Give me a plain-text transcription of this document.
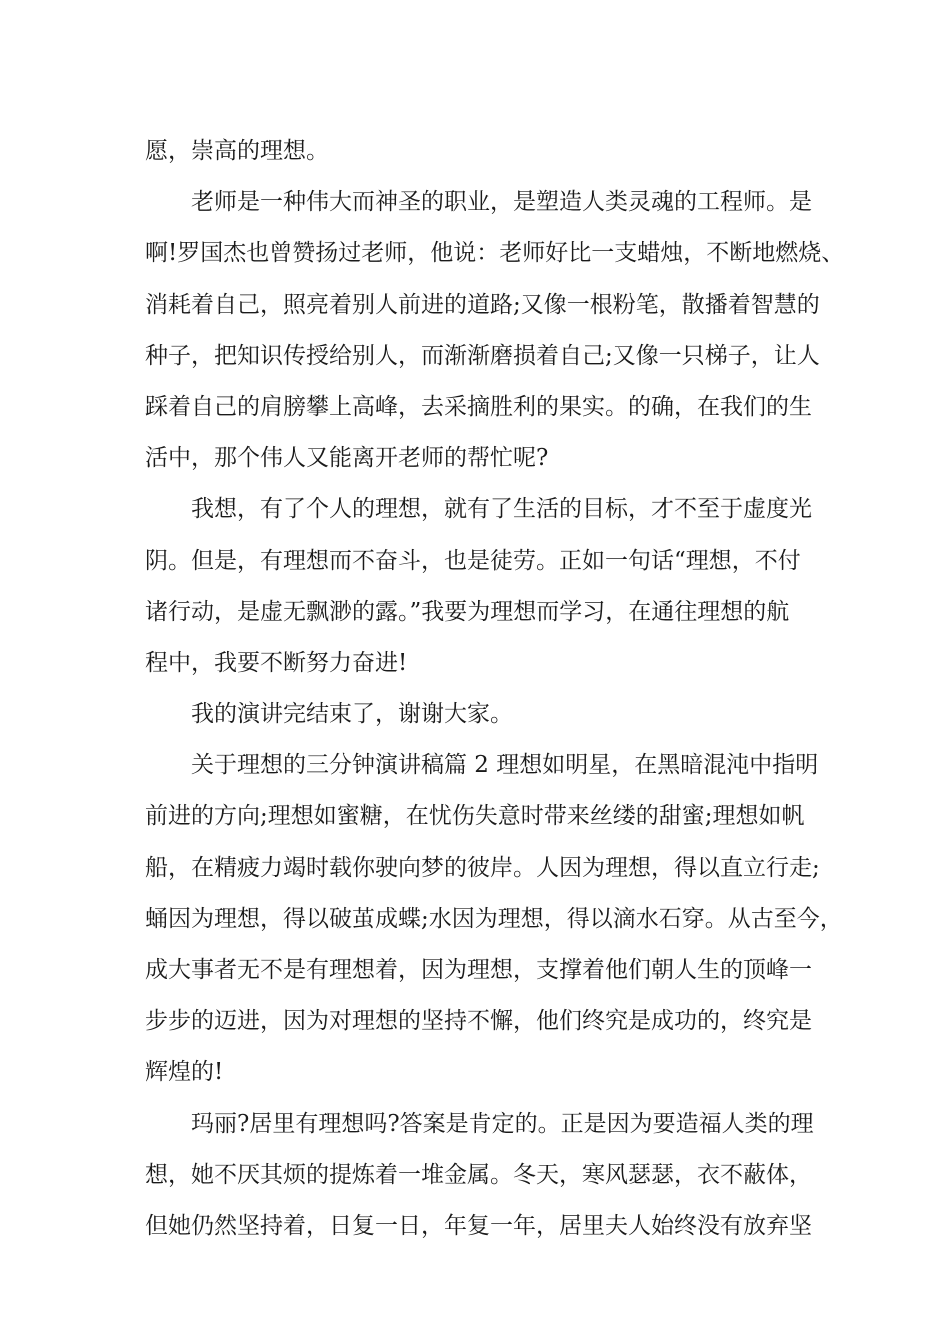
愿，崇高的理想。
老师是一种伟大而神圣的职业，是塑造人类灵魂的工程师。是
啊!罗国杰也曾赞扬过老师，他说：老师好比一支蜡烛，不断地燃烧、
消耗着自己，照亮着别人前进的道路;又像一根粉笔，散播着智慧的
种子，把知识传授给别人，而渐渐磨损着自己;又像一只梯子，让人
踩着自己的肩膀攀上高峰，去采摘胜利的果实。的确，在我们的生
活中，那个伟人又能离开老师的帮忙呢?
我想，有了个人的理想，就有了生活的目标，才不至于虚度光
阴。但是，有理想而不奋斗，也是徒劳。正如一句话“理想，不付
诸行动，是虚无飘渺的露。”我要为理想而学习，在通往理想的航
程中，我要不断努力奋进!
我的演讲完结束了，谢谢大家。
关于理想的三分钟演讲稿篇 2 理想如明星，在黑暗混沌中指明
前进的方向;理想如蜜糖，在忧伤失意时带来丝缕的甜蜜;理想如帆
船，在精疲力竭时载你驶向梦的彼岸。人因为理想，得以直立行走;
蛹因为理想，得以破茧成蝶;水因为理想，得以滴水石穿。从古至今，
成大事者无不是有理想着，因为理想，支撑着他们朝人生的顶峰一
步步的迈进，因为对理想的坚持不懈，他们终究是成功的，终究是
辉煌的!
玛丽?居里有理想吗?答案是肯定的。正是因为要造福人类的理
想，她不厌其烦的提炼着一堆金属。冬天，寒风瑟瑟，衣不蔽体，
但她仍然坚持着，日复一日，年复一年，居里夫人始终没有放弃坚
